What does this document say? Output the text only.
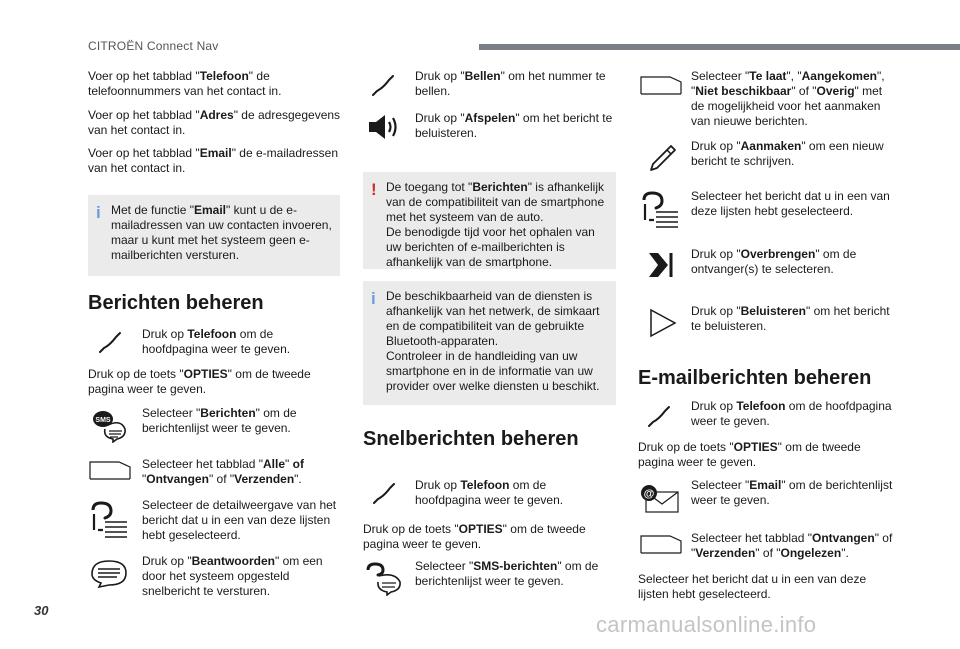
CITROËN Connect Nav
Voer op het tabblad "Telefoon" de telefoonnummers van het contact in.
Voer op het tabblad "Adres" de adresgegevens van het contact in.
Voer op het tabblad "Email" de e-mailadressen van het contact in.
i Met de functie "Email" kunt u de e-mailadressen van uw contacten invoeren, maar u kunt met het systeem geen e-mailberichten versturen.
Berichten beheren
Druk op Telefoon om de hoofdpagina weer te geven.
Druk op de toets "OPTIES" om de tweede pagina weer te geven.
SMS
Selecteer "Berichten" om de berichtenlijst weer te geven.
Selecteer het tabblad "Alle" of "Ontvangen" of "Verzenden".
Selecteer de detailweergave van het bericht dat u in een van deze lijsten hebt geselecteerd.
Druk op "Beantwoorden" om een door het systeem opgesteld snelbericht te versturen.
Druk op "Bellen" om het nummer te bellen.
Druk op "Afspelen" om het bericht te beluisteren.
! De toegang tot "Berichten" is afhankelijk van de compatibiliteit van de smartphone met het systeem van de auto.
De benodigde tijd voor het ophalen van uw berichten of e-mailberichten is afhankelijk van de smartphone.
i De beschikbaarheid van de diensten is afhankelijk van het netwerk, de simkaart en de compatibiliteit van de gebruikte Bluetooth-apparaten.
Controleer in de handleiding van uw smartphone en in de informatie van uw provider over welke diensten u beschikt.
Snelberichten beheren
Druk op Telefoon om de hoofdpagina weer te geven.
Druk op de toets "OPTIES" om de tweede pagina weer te geven.
Selecteer "SMS-berichten" om de berichtenlijst weer te geven.
Selecteer "Te laat", "Aangekomen", "Niet beschikbaar" of "Overig" met de mogelijkheid voor het aanmaken van nieuwe berichten.
Druk op "Aanmaken" om een nieuw bericht te schrijven.
Selecteer het bericht dat u in een van deze lijsten hebt geselecteerd.
Druk op "Overbrengen" om de ontvanger(s) te selecteren.
Druk op "Beluisteren" om het bericht te beluisteren.
E-mailberichten beheren
Druk op Telefoon om de hoofdpagina weer te geven.
Druk op de toets "OPTIES" om de tweede pagina weer te geven.
@
Selecteer "Email" om de berichtenlijst weer te geven.
Selecteer het tabblad "Ontvangen" of "Verzenden" of "Ongelezen".
Selecteer het bericht dat u in een van deze lijsten hebt geselecteerd.
30
carmanualsonline.info
